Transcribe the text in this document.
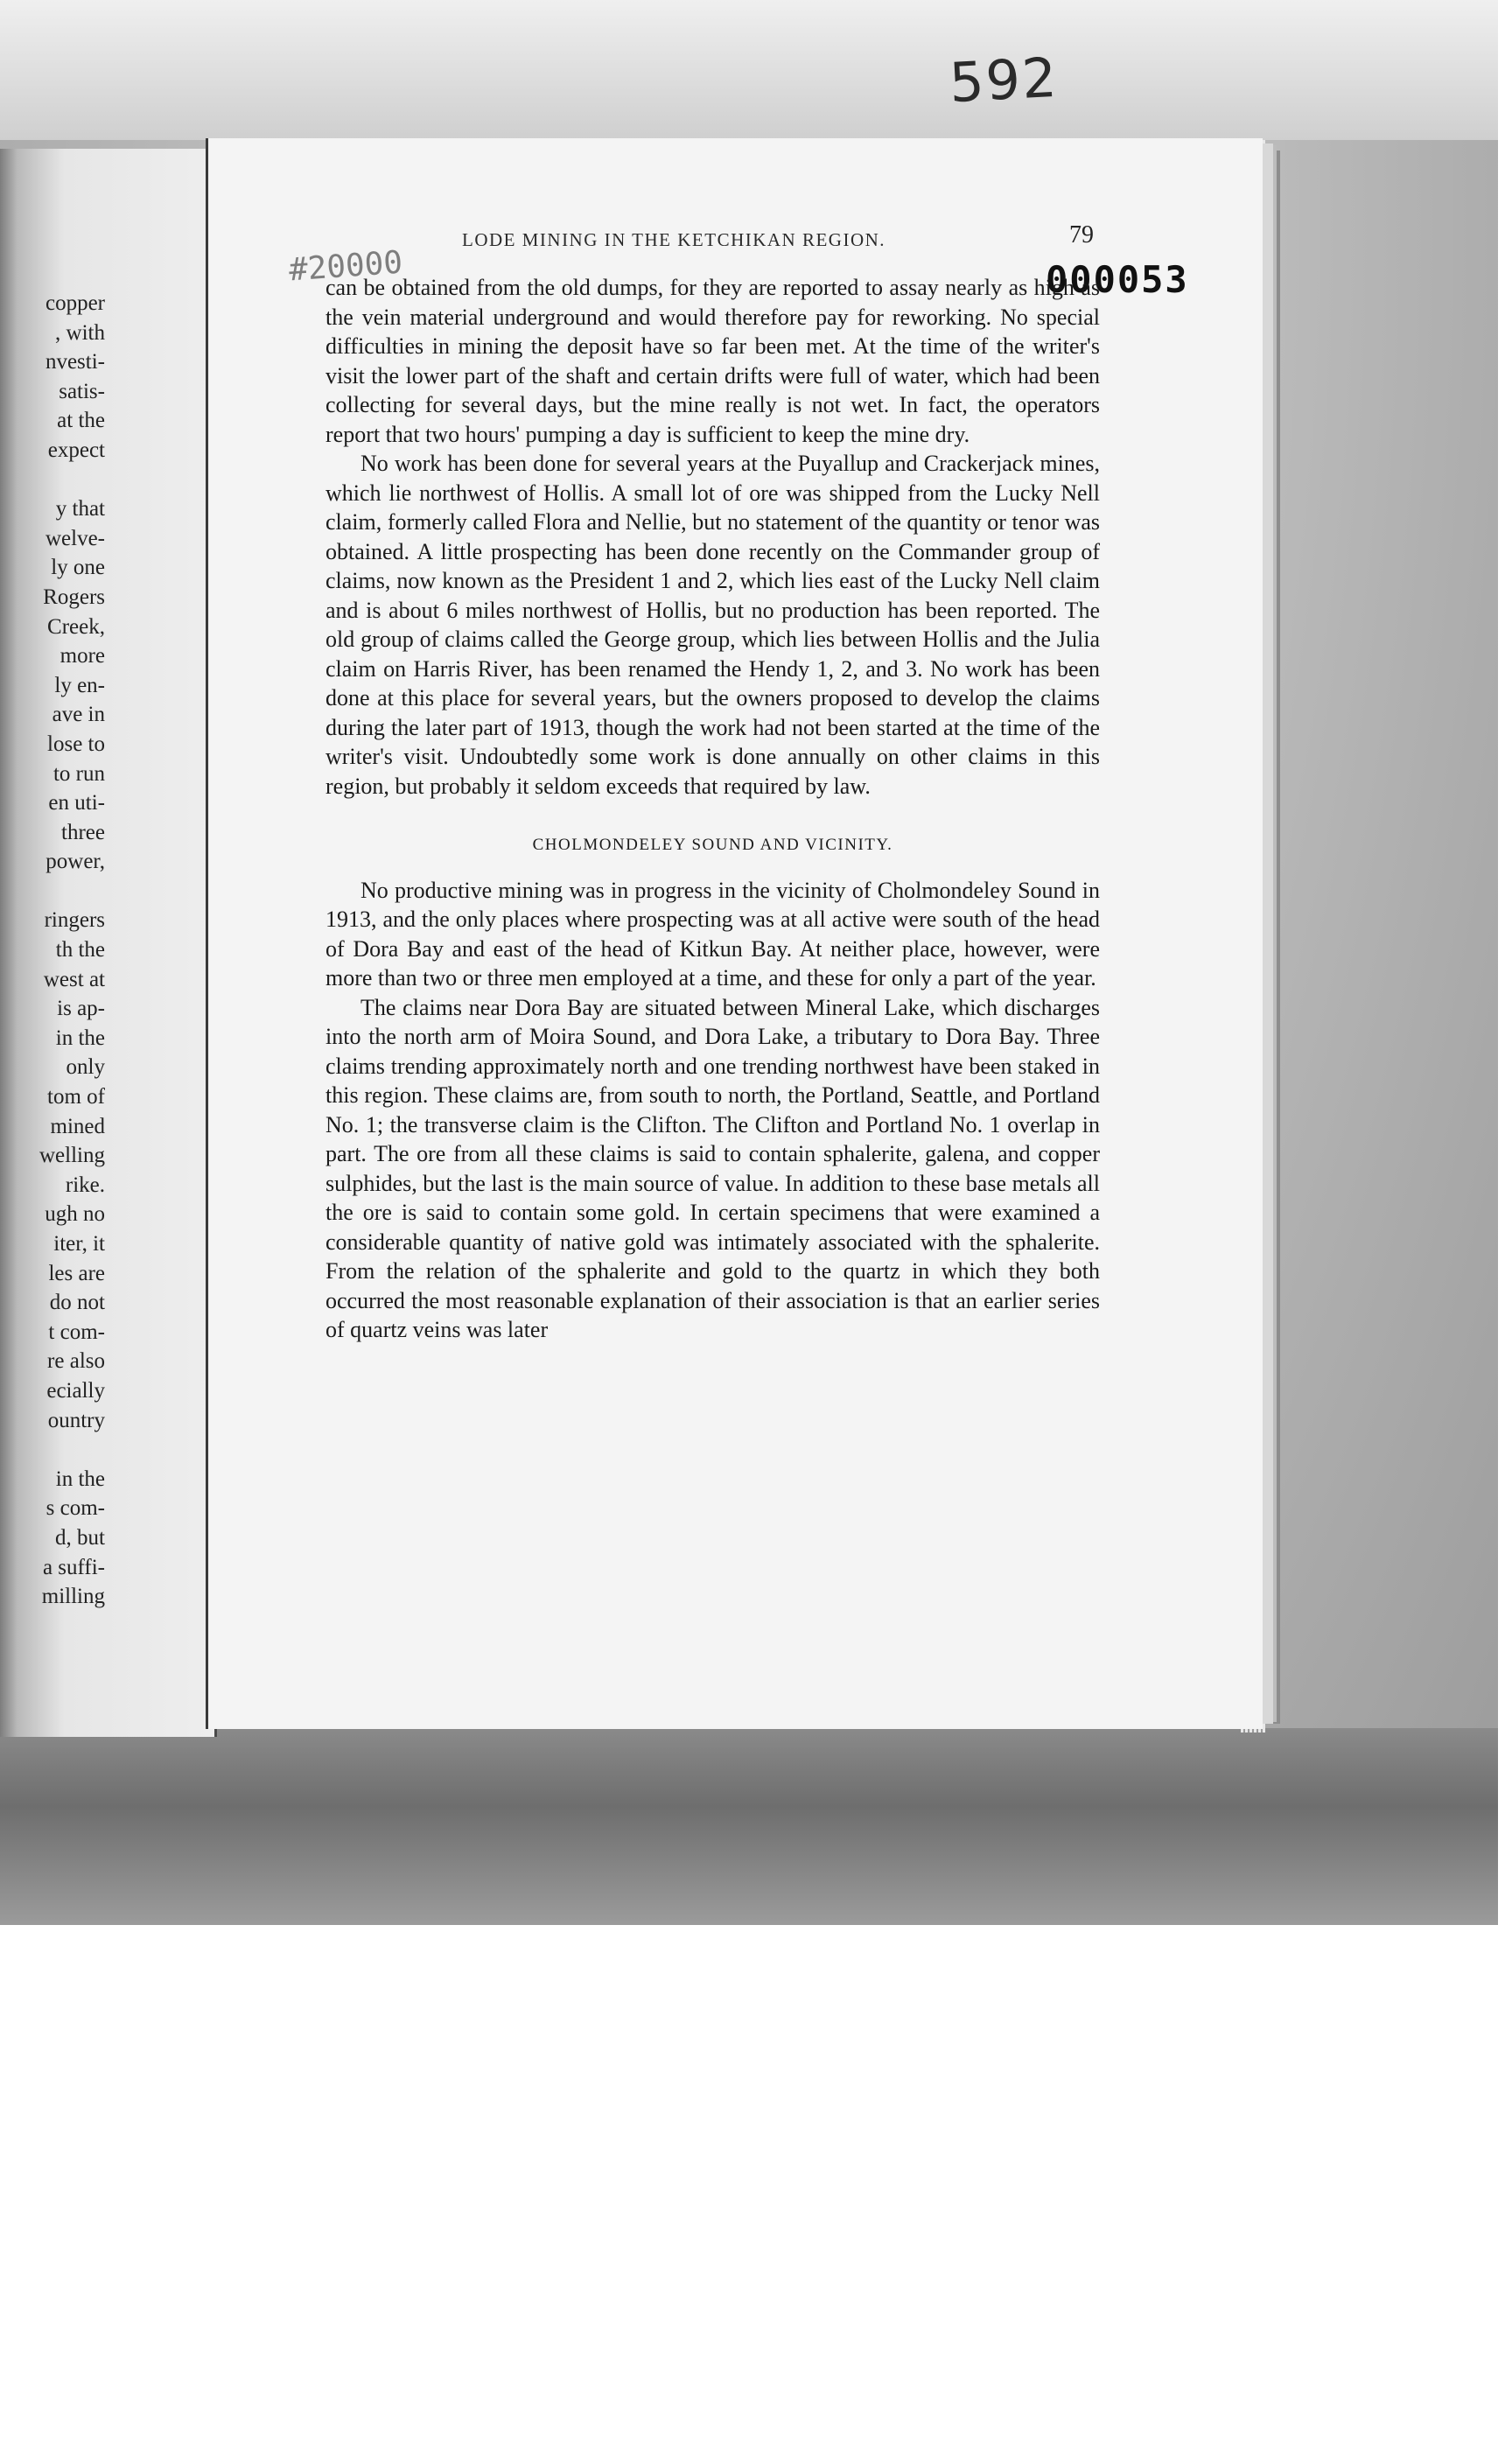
592
copper
, with
nvesti-
satis-
at the
expect

y that
welve-
ly one
Rogers
Creek,
more
ly en-
ave in
lose to
to run
en uti-
three
power,

ringers
th the
west at
is ap-
in the
only
tom of
mined
welling
rike.
ugh no
iter, it
les are
do not
t com-
re also
ecially
ountry

in the
s com-
d, but
a suffi-
milling
LODE MINING IN THE KETCHIKAN REGION.	79
#20000	000053

can be obtained from the old dumps, for they are reported to assay nearly as high as the vein material underground and would therefore pay for reworking. No special difficulties in mining the deposit have so far been met. At the time of the writer's visit the lower part of the shaft and certain drifts were full of water, which had been collecting for several days, but the mine really is not wet. In fact, the operators report that two hours' pumping a day is sufficient to keep the mine dry.

No work has been done for several years at the Puyallup and Crackerjack mines, which lie northwest of Hollis. A small lot of ore was shipped from the Lucky Nell claim, formerly called Flora and Nellie, but no statement of the quantity or tenor was obtained. A little prospecting has been done recently on the Commander group of claims, now known as the President 1 and 2, which lies east of the Lucky Nell claim and is about 6 miles northwest of Hollis, but no production has been reported. The old group of claims called the George group, which lies between Hollis and the Julia claim on Harris River, has been renamed the Hendy 1, 2, and 3. No work has been done at this place for several years, but the owners proposed to develop the claims during the later part of 1913, though the work had not been started at the time of the writer's visit. Undoubtedly some work is done annually on other claims in this region, but probably it seldom exceeds that required by law.

CHOLMONDELEY SOUND AND VICINITY.

No productive mining was in progress in the vicinity of Cholmondeley Sound in 1913, and the only places where prospecting was at all active were south of the head of Dora Bay and east of the head of Kitkun Bay. At neither place, however, were more than two or three men employed at a time, and these for only a part of the year.

The claims near Dora Bay are situated between Mineral Lake, which discharges into the north arm of Moira Sound, and Dora Lake, a tributary to Dora Bay. Three claims trending approximately north and one trending northwest have been staked in this region. These claims are, from south to north, the Portland, Seattle, and Portland No. 1; the transverse claim is the Clifton. The Clifton and Portland No. 1 overlap in part. The ore from all these claims is said to contain sphalerite, galena, and copper sulphides, but the last is the main source of value. In addition to these base metals all the ore is said to contain some gold. In certain specimens that were examined a considerable quantity of native gold was intimately associated with the sphalerite. From the relation of the sphalerite and gold to the quartz in which they both occurred the most reasonable explanation of their association is that an earlier series of quartz veins was later
